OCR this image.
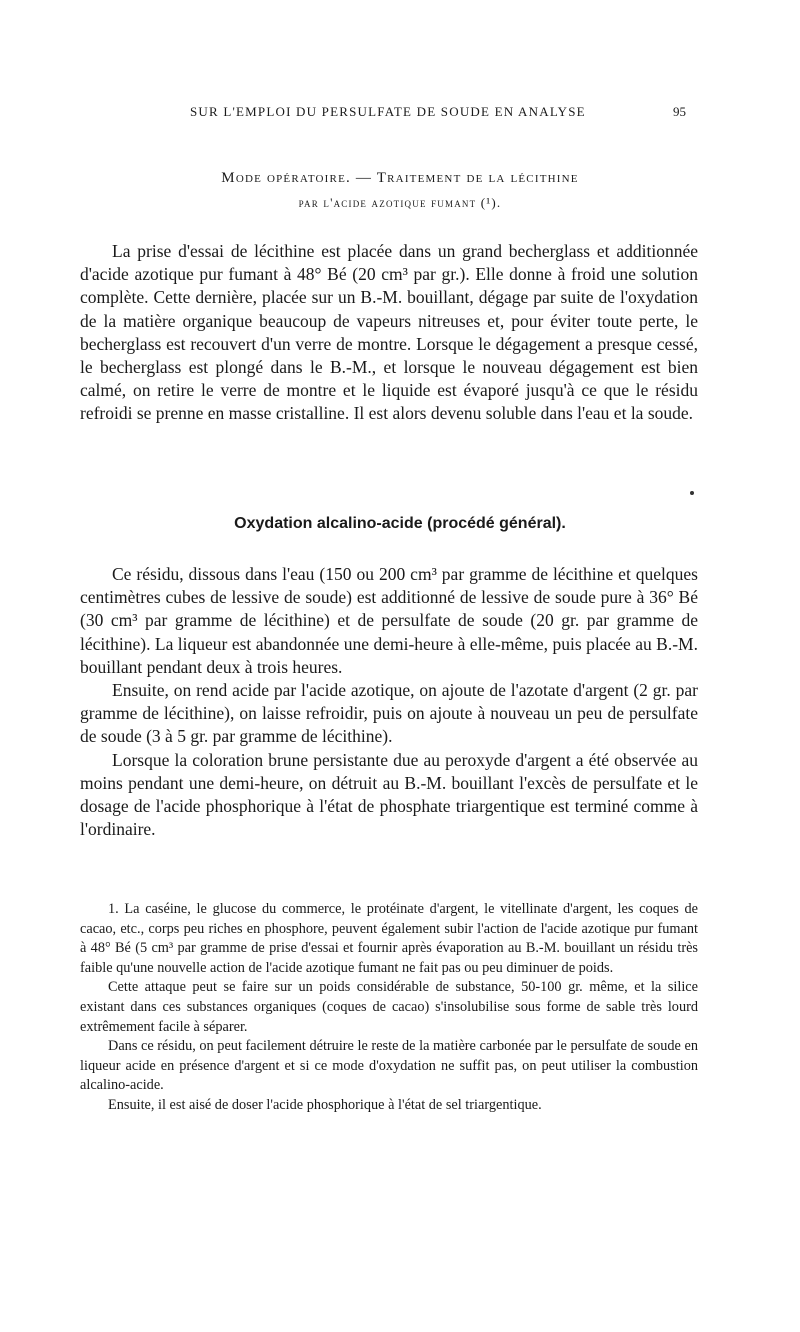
SUR L'EMPLOI DU PERSULFATE DE SOUDE EN ANALYSE	95
Mode opératoire. — Traitement de la lécithine
par l'acide azotique fumant (¹).

La prise d'essai de lécithine est placée dans un grand becherglass et additionnée d'acide azotique pur fumant à 48° Bé (20 cm³ par gr.). Elle donne à froid une solution complète. Cette dernière, placée sur un B.-M. bouillant, dégage par suite de l'oxydation de la matière organique beaucoup de vapeurs nitreuses et, pour éviter toute perte, le becherglass est recouvert d'un verre de montre. Lorsque le dégagement a presque cessé, le becherglass est plongé dans le B.-M., et lorsque le nouveau dégagement est bien calmé, on retire le verre de montre et le liquide est évaporé jusqu'à ce que le résidu refroidi se prenne en masse cristalline. Il est alors devenu soluble dans l'eau et la soude.

Oxydation alcalino-acide (procédé général).

Ce résidu, dissous dans l'eau (150 ou 200 cm³ par gramme de lécithine et quelques centimètres cubes de lessive de soude) est additionné de lessive de soude pure à 36° Bé (30 cm³ par gramme de lécithine) et de persulfate de soude (20 gr. par gramme de lécithine). La liqueur est abandonnée une demi-heure à elle-même, puis placée au B.-M. bouillant pendant deux à trois heures.

Ensuite, on rend acide par l'acide azotique, on ajoute de l'azotate d'argent (2 gr. par gramme de lécithine), on laisse refroidir, puis on ajoute à nouveau un peu de persulfate de soude (3 à 5 gr. par gramme de lécithine).

Lorsque la coloration brune persistante due au peroxyde d'argent a été observée au moins pendant une demi-heure, on détruit au B.-M. bouillant l'excès de persulfate et le dosage de l'acide phosphorique à l'état de phosphate triargentique est terminé comme à l'ordinaire.

1. La caséine, le glucose du commerce, le protéinate d'argent, le vitellinate d'argent, les coques de cacao, etc., corps peu riches en phosphore, peuvent également subir l'action de l'acide azotique pur fumant à 48° Bé (5 cm³ par gramme de prise d'essai et fournir après évaporation au B.-M. bouillant un résidu très faible qu'une nouvelle action de l'acide azotique fumant ne fait pas ou peu diminuer de poids.

Cette attaque peut se faire sur un poids considérable de substance, 50-100 gr. même, et la silice existant dans ces substances organiques (coques de cacao) s'insolubilise sous forme de sable très lourd extrêmement facile à séparer.

Dans ce résidu, on peut facilement détruire le reste de la matière carbonée par le persulfate de soude en liqueur acide en présence d'argent et si ce mode d'oxydation ne suffit pas, on peut utiliser la combustion alcalino-acide.

Ensuite, il est aisé de doser l'acide phosphorique à l'état de sel triargentique.
